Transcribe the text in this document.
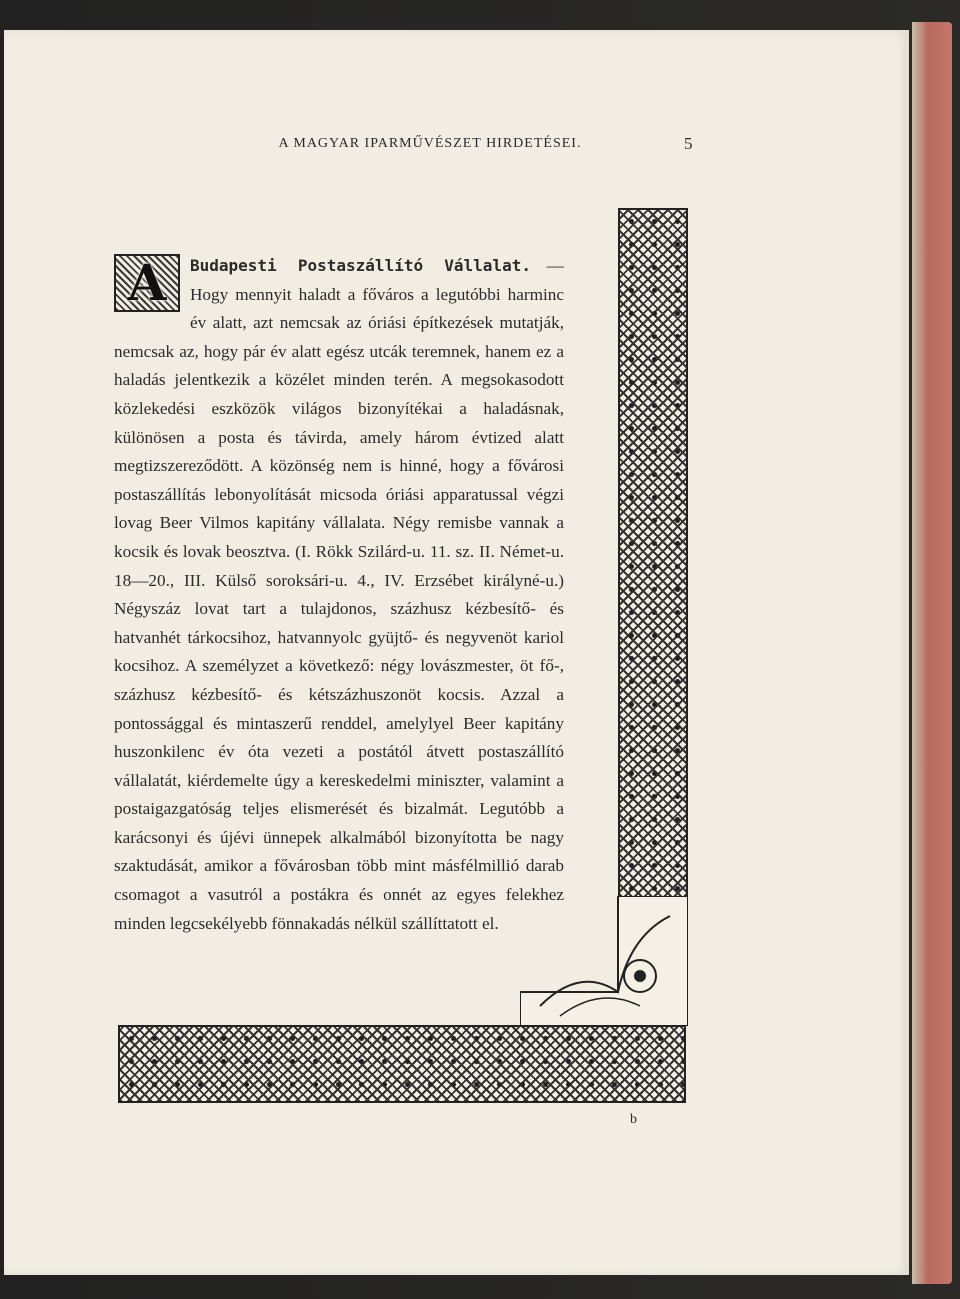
A MAGYAR IPARMŰVÉSZET HIRDETÉSEI.	5
A	Budapesti Postaszállító Vállalat. — Hogy mennyit haladt a főváros a legutóbbi harminc év alatt, azt nemcsak az óriási építkezések mutatják, nemcsak az, hogy pár év alatt egész utcák teremnek, hanem ez a haladás jelentkezik a közélet minden terén. A megsokasodott közlekedési eszközök világos bizonyítékai a haladásnak, különösen a posta és távirda, amely három évtized alatt megtizszereződött. A közönség nem is hinné, hogy a fővárosi postaszállítás lebonyolítását micsoda óriási apparatussal végzi lovag Beer Vilmos kapitány vállalata. Négy remisbe vannak a kocsik és lovak beosztva. (I. Rökk Szilárd-u. 11. sz. II. Német-u. 18—20., III. Külső soroksári-u. 4., IV. Erzsébet királyné-u.) Négyszáz lovat tart a tulajdonos, százhusz kézbesítő- és hatvanhét tárkocsihoz, hatvannyolc gyüjtő- és negyvenöt kariol kocsihoz. A személyzet a következő: négy lovászmester, öt fő-, százhusz kézbesítő- és kétszázhuszonöt kocsis. Azzal a pontossággal és mintaszerű renddel, amelylyel Beer kapitány huszonkilenc év óta vezeti a postától átvett postaszállító vállalatát, kiérdemelte úgy a kereskedelmi miniszter, valamint a postaigazgatóság teljes elismerését és bizalmát. Legutóbb a karácsonyi és újévi ünnepek alkalmából bizonyította be nagy szaktudását, amikor a fővárosban több mint másfélmillió darab csomagot a vasutról a postákra és onnét az egyes felekhez minden legcsekélyebb fönnakadás nélkül szállíttatott el.
b
